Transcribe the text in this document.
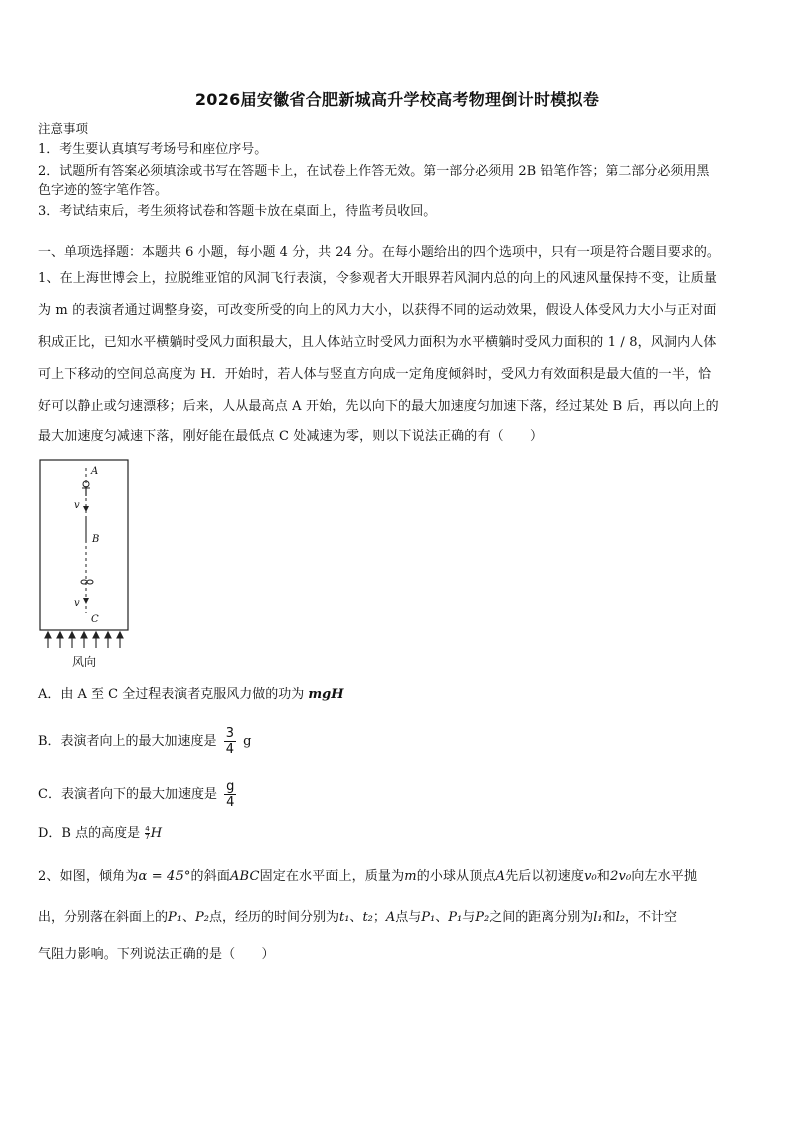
2026届安徽省合肥新城高升学校高考物理倒计时模拟卷
注意事项
1．考生要认真填写考场号和座位序号。
2．试题所有答案必须填涂或书写在答题卡上，在试卷上作答无效。第一部分必须用 2B 铅笔作答；第二部分必须用黑
色字迹的签字笔作答。
3．考试结束后，考生须将试卷和答题卡放在桌面上，待监考员收回。
一、单项选择题：本题共 6 小题，每小题 4 分，共 24 分。在每小题给出的四个选项中，只有一项是符合题目要求的。
1、在上海世博会上，拉脱维亚馆的风洞飞行表演，令参观者大开眼界若风洞内总的向上的风速风量保持不变，让质量
为 m 的表演者通过调整身姿，可改变所受的向上的风力大小，以获得不同的运动效果，假设人体受风力大小与正对面
积成正比，已知水平横躺时受风力面积最大，且人体站立时受风力面积为水平横躺时受风力面积的 1 / 8，风洞内人体
可上下移动的空间总高度为 H．开始时，若人体与竖直方向成一定角度倾斜时，受风力有效面积是最大值的一半，恰
好可以静止或匀速漂移；后来，人从最高点 A 开始，先以向下的最大加速度匀加速下落，经过某处 B 后，再以向上的
最大加速度匀减速下落，刚好能在最低点 C 处减速为零，则以下说法正确的有（　　）
A
v
B
v
C
风向
A．由 A 至 C 全过程表演者克服风力做的功为 mgH
B．表演者向上的最大加速度是 $\frac{3}{4}$ g
C．表演者向下的最大加速度是 $\frac{g}{4}$
D．B 点的高度是 $\frac{4}{7}$ H
2、如图，倾角为α = 45°的斜面ABC固定在水平面上，质量为m的小球从顶点A先后以初速度v₀和2v₀向左水平抛
出，分别落在斜面上的P₁、P₂点，经历的时间分别为t₁、t₂；A点与P₁、P₁与P₂之间的距离分别为l₁和l₂，不计空
气阻力影响。下列说法正确的是（　　）
